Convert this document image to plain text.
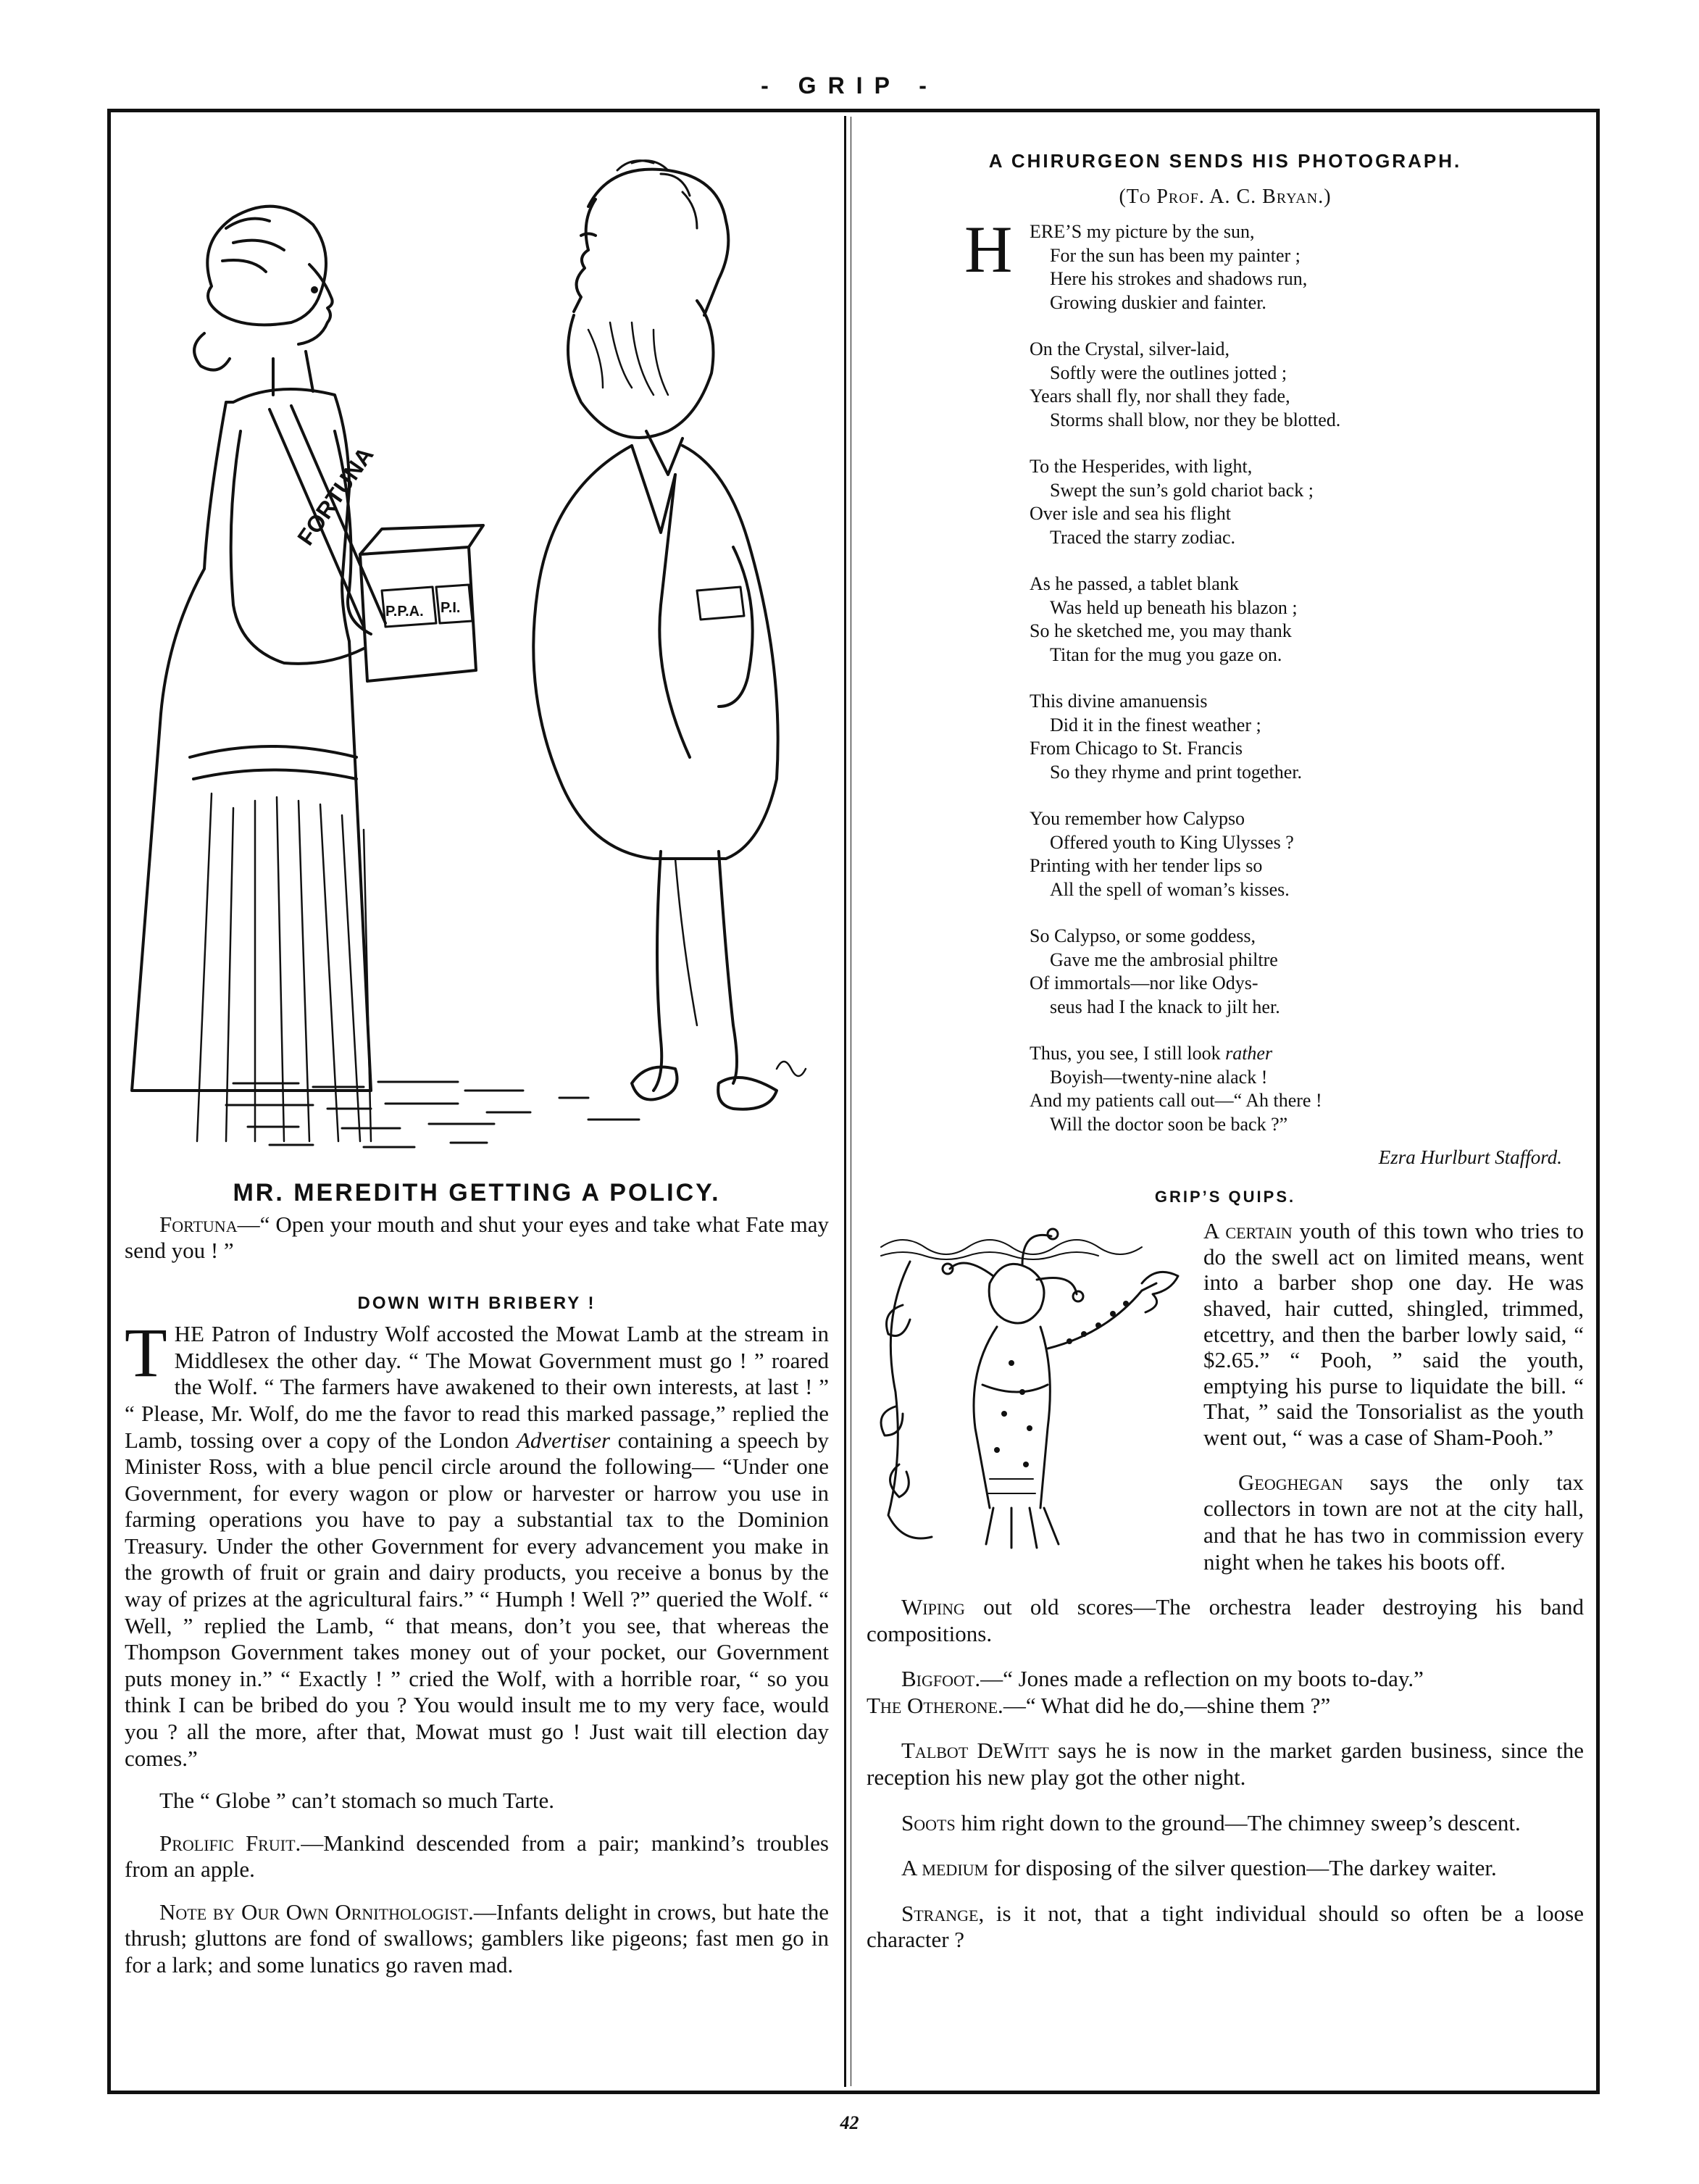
- GRIP -
FORTUNA
P.P.A. P.I.
MR. MEREDITH GETTING A POLICY.
Fortuna—“ Open your mouth and shut your eyes and take what Fate may send you ! ”
DOWN WITH BRIBERY !

THE Patron of Industry Wolf accosted the Mowat Lamb at the stream in Middlesex the other day. “ The Mowat Government must go ! ” roared the Wolf. “ The farmers have awakened to their own interests, at last ! ” “ Please, Mr. Wolf, do me the favor to read this marked passage,” replied the Lamb, tossing over a copy of the London Advertiser containing a speech by Minister Ross, with a blue pencil circle around the following— “Under one Government, for every wagon or plow or harvester or harrow you use in farming operations you have to pay a substantial tax to the Dominion Treasury. Under the other Government for every advancement you make in the growth of fruit or grain and dairy products, you receive a bonus by the way of prizes at the agricultural fairs.” “ Humph ! Well ?” queried the Wolf. “ Well, ” replied the Lamb, “ that means, don’t you see, that whereas the Thompson Government takes money out of your pocket, our Government puts money in.” “ Exactly ! ” cried the Wolf, with a horrible roar, “ so you think I can be bribed do you ? You would insult me to my very face, would you ? all the more, after that, Mowat must go ! Just wait till election day comes.”

The “ Globe ” can’t stomach so much Tarte.

Prolific Fruit.—Mankind descended from a pair; mankind’s troubles from an apple.

Note by Our Own Ornithologist.—Infants delight in crows, but hate the thrush; gluttons are fond of swallows; gamblers like pigeons; fast men go in for a lark; and some lunatics go raven mad.

A CHIRURGEON SENDS HIS PHOTOGRAPH.
(To Prof. A. C. Bryan.)
H ERE’S my picture by the sun,
For the sun has been my painter ;
Here his strokes and shadows run,
Growing duskier and fainter.
On the Crystal, silver-laid,
Softly were the outlines jotted ;
Years shall fly, nor shall they fade,
Storms shall blow, nor they be blotted.
To the Hesperides, with light,
Swept the sun’s gold chariot back ;
Over isle and sea his flight
Traced the starry zodiac.
As he passed, a tablet blank
Was held up beneath his blazon ;
So he sketched me, you may thank
Titan for the mug you gaze on.
This divine amanuensis
Did it in the finest weather ;
From Chicago to St. Francis
So they rhyme and print together.
You remember how Calypso
Offered youth to King Ulysses ?
Printing with her tender lips so
All the spell of woman’s kisses.
So Calypso, or some goddess,
Gave me the ambrosial philtre
Of immortals—nor like Odys-
seus had I the knack to jilt her.
Thus, you see, I still look rather
Boyish—twenty-nine alack !
And my patients call out—“ Ah there !
Will the doctor soon be back ?”
Ezra Hurlburt Stafford.
GRIP’S QUIPS.
A certain youth of this town who tries to do the swell act on limited means, went into a barber shop one day. He was shaved, hair cutted, shingled, trimmed, etcettry, and then the barber lowly said, “ $2.65.” “ Pooh, ” said the youth, emptying his purse to liquidate the bill. “ That, ” said the Tonsorialist as the youth went out, “ was a case of Sham-Pooh.”

Geoghegan says the only tax collectors in town are not at the city hall, and that he has two in commission every night when he takes his boots off.

Wiping out old scores—The orchestra leader destroying his band compositions.

Bigfoot.—“ Jones made a reflection on my boots to-day.”
The Otherone.—“ What did he do,—shine them ?”

Talbot DeWitt says he is now in the market garden business, since the reception his new play got the other night.

Soots him right down to the ground—The chimney sweep’s descent.

A medium for disposing of the silver question—The darkey waiter.

Strange, is it not, that a tight individual should so often be a loose character ?

42
